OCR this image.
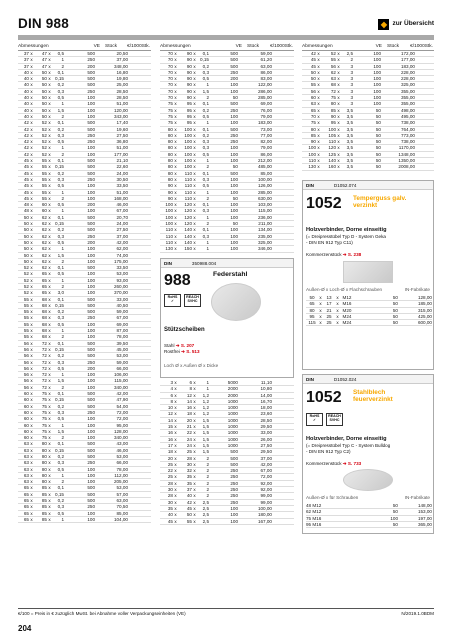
DIN 988	◆ zur Übersicht
Abmessungen	VE Stück €/1000Stk.
37x 47x 0,5	500	20,50
37x 47x 1	250	37,00
37x 47x 2	200	348,00
40x 50x 0,1	500	16,80
40x 50x 0,15	500	19,80
40x 50x 0,2	500	25,00
40x 50x 0,3	250	28,50
40x 50x 0,5	100	28,50
40x 50x 1	100	51,00
40x 50x 1,5	100	120,00
40x 50x 2	100	343,00
42x 52x 0,1	500	17,40
42x 52x 0,2	500	19,60
42x 52x 0,3	250	27,50
42x 52x 0,5	250	36,80
42x 52x 1	100	51,00
42x 52x 2	100	177,00
45x 55x 0,1	500	21,10
45x 55x 0,15	500	22,60
45x 55x 0,2	500	24,00
45x 55x 0,3	250	30,50
45x 55x 0,5	100	33,50
45x 55x 1	100	51,00
45x 55x 2	100	168,00
48x 60x 0,5	200	46,00
48x 60x 1	100	67,00
50x 62x 0,1	500	20,70
50x 62x 0,15	500	24,00
50x 62x 0,2	500	27,50
50x 62x 0,3	250	37,00
50x 62x 0,5	200	42,00
50x 62x 1	100	62,00
50x 62x 1,5	100	74,00
50x 62x 2	100	175,00
52x 62x 0,1	500	33,50
52x 65x 0,5	100	53,00
52x 65x 1	100	93,00
52x 65x 2	100	260,00
52x 65x 3,0	100	370,00
55x 68x 0,1	500	33,00
55x 68x 0,15	500	40,50
55x 68x 0,2	500	59,00
55x 68x 0,3	250	67,00
55x 68x 0,5	100	69,00
55x 68x 1	100	87,00
55x 68x 2	100	78,00
56x 72x 0,1	500	39,50
56x 72x 0,15	500	45,00
56x 72x 0,2	500	53,00
56x 72x 0,3	250	59,00
56x 72x 0,5	200	66,00
56x 72x 1	100	106,00
56x 72x 1,5	100	115,00
56x 72x 2	100	340,00
60x 75x 0,1	500	42,00
60x 75x 0,15	500	47,90
60x 75x 0,2	500	54,00
60x 75x 0,3	250	72,00
60x 75x 0,5	100	72,00
60x 75x 1	100	95,00
60x 75x 1,5	100	128,00
60x 75x 2	100	340,00
63x 80x 0,1	500	43,00
63x 80x 0,15	500	46,00
63x 80x 0,2	500	53,00
63x 80x 0,3	250	66,00
63x 80x 0,5	100	78,00
63x 80x 1	100	112,00
63x 80x 2	100	205,00
65x 85x 0,1	500	53,00
65x 85x 0,15	500	57,00
65x 85x 0,2	500	63,00
65x 85x 0,3	250	70,50
65x 85x 0,5	100	85,00
65x 85x 1	100	104,00
Abmessungen	VE Stück €/1000Stk.
70x 90x 0,1	500	59,00
70x 90x 0,15	500	61,20
70x 90x 0,2	500	63,00
70x 90x 0,3	250	86,00
70x 90x 0,5	200	83,00
70x 90x 1	100	122,00
70x 90x 1,5	100	286,00
70x 90x 2	50	285,00
75x 95x 0,1	500	69,00
75x 95x 0,2	250	76,00
75x 95x 0,5	100	79,00
75x 95x 1	100	183,00
80x 100x 0,1	500	73,00
80x 100x 0,2	250	77,00
80x 100x 0,3	250	82,00
80x 100x 0,3	100	79,00
80x 100x 0,5	100	86,00
80x 100x 1	100	212,00
80x 100x 2	50	485,00
80x 110x 0,1	500	85,00
80x 110x 0,3	100	100,00
90x 110x 0,5	100	126,00
90x 110x 1	100	285,00
90x 110x 2	50	630,00
100x 120x 0,1	100	103,00
100x 120x 0,3	100	115,00
100x 120x 1	100	236,00
100x 120x 2	50	211,00
110x 140x 0,1	100	134,00
110x 140x 0,3	100	235,00
110x 140x 1	100	325,00
130x 150x 1	100	346,00
DIN	350988.004
988	Federstahl
RoHS
✓
REACH
SVHC
Stützscheiben
Stahl ➔ S. 207
Rostfrei ➔ S. 513
Loch Ø x Außen Ø x Dicke
3x	6x 1	5000	11,10
4x	8x 1	2000	10,80
6x 12x 1,2	2000	14,00
8x 14x 1,2	1000	16,70
10x 16x 1,2	1000	18,00
12x 18x 1,2	1000	23,60
14x 20x 1,5	1000	28,50
15x 21x 1,5	1000	29,50
16x 22x 1,5	1000	33,00
16x 24x 1,5	1000	26,00
17x 24x 1,5	1000	27,50
18x 25x 1,5	500	29,50
20x 28x 2	500	37,00
25x 30x 2	500	42,00
22x 32x 2	250	67,00
25x 35x 2	250	72,00
28x 35x 2	250	92,00
30x 37x 2	250	92,00
28x 40x 2	250	99,00
30x 42x 2,5	250	99,00
35x 45x 2,5	100	100,00
40x 50x 2,5	100	180,00
45x 55x 2,5	100	167,00
Abmessungen	VE Stück €/1000Stk.
42x 52x 2,5	100	172,00
45x 55x 2	100	177,00
45x 56x 3	100	183,00
50x 62x 3	100	228,00
50x 63x 3	100	228,00
55x 68x 3	100	325,00
56x 72x 3	100	355,00
60x 75x 3	100	355,00
63x 80x 3	100	355,00
65x 85x 3,5	50	498,00
70x 90x 3,5	50	495,00
75x 95x 3,5	50	738,00
80x 100x 3,5	50	764,00
85x 105x 3,5	50	773,00
90x 110x 3,5	50	738,00
100x 120x 3,5	50	1170,00
100x 125x 3,5	50	1348,00
110x 140x 3,5	50	1350,00
130x 160x 3,5	50	2008,00
DIN	D1052.074
1052 Temperguss galv. verzinkt
Holzverbinder, Dorne einseitig
(= Dreipresstübel Typ D - System Geka
- DIN EN 912 Typ C11)
Kommerzenstück ➔ S. 238
Außen-Ø x Loch-Ø x Flachschrauben	IN-Fabrikate
50 x 13 x M12	50	128,00
65 x 17 x M16	50	185,00
80 x 21 x M20	50	315,00
95 x 25 x M24	50	425,00
115 x 25 x M24	50	600,00
DIN	D1052.024
1052 Stahlblech feuerverzinkt
RoHS
✓
REACH
SVHC
Holzverbinder, Dorne einseitig
(= Dreipresstübel Typ C - System Bulldog
- DIN EN 912 Typ C2)
Kommerzenstück ➔ S. 733
Außen-Ø x für Schrauben	IN-Fabrikate
48 M12	50	148,00
62 M12	50	153,00
75 M16	100	197,00
95 M16	50	365,00
€/100 = Preis in € zuzüglich MwSt. bei Abnahme voller Verpackungseinheiten (VE)	N/2019.1.0BDM
204
